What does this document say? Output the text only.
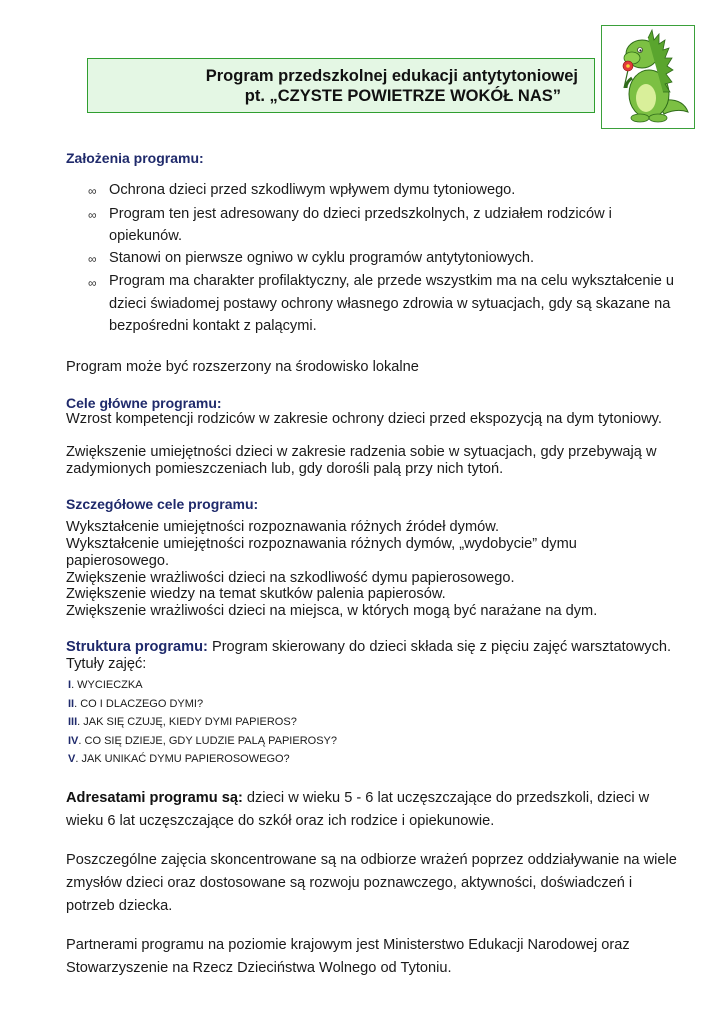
Program przedszkolnej edukacji antytytoniowej
pt. „CZYSTE POWIETRZE WOKÓŁ NAS”
Założenia programu:
∞ Ochrona dzieci przed szkodliwym wpływem dymu tytoniowego.
∞ Program ten jest adresowany do dzieci przedszkolnych, z udziałem rodziców i
opiekunów.
∞ Stanowi on pierwsze ogniwo w cyklu programów antytytoniowych.
∞ Program ma charakter profilaktyczny, ale przede wszystkim ma na celu wykształcenie u
dzieci świadomej postawy ochrony własnego zdrowia w sytuacjach, gdy są skazane na
bezpośredni kontakt z palącymi.
Program może być rozszerzony na środowisko lokalne
Cele główne programu:
Wzrost kompetencji rodziców w zakresie ochrony dzieci przed ekspozycją na dym tytoniowy.
Zwiększenie umiejętności dzieci w zakresie radzenia sobie w sytuacjach, gdy przebywają w
zadymionych pomieszczeniach lub, gdy dorośli palą przy nich tytoń.
Szczegółowe cele programu:
Wykształcenie umiejętności rozpoznawania różnych źródeł dymów.
Wykształcenie umiejętności rozpoznawania różnych dymów, „wydobycie” dymu
papierosowego.
Zwiększenie wrażliwości dzieci na szkodliwość dymu papierosowego.
Zwiększenie wiedzy na temat skutków palenia papierosów.
Zwiększenie wrażliwości dzieci na miejsca, w których mogą być narażane na dym.
Struktura programu: Program skierowany do dzieci składa się z pięciu zajęć warsztatowych.
Tytuły zajęć:
I. WYCIECZKA
II. CO I DLACZEGO DYMI?
III. JAK SIĘ CZUJĘ, KIEDY DYMI PAPIEROS?
IV. CO SIĘ DZIEJE, GDY LUDZIE PALĄ PAPIEROSY?
V. JAK UNIKAĆ DYMU PAPIEROSOWEGO?
Adresatami programu są: dzieci w wieku 5 - 6 lat uczęszczające do przedszkoli, dzieci w
wieku 6 lat uczęszczające do szkół oraz ich rodzice i opiekunowie.
Poszczególne zajęcia skoncentrowane są na odbiorze wrażeń poprzez oddziaływanie na wiele
zmysłów dzieci oraz dostosowane są rozwoju poznawczego, aktywności, doświadczeń i
potrzeb dziecka.
Partnerami programu na poziomie krajowym jest Ministerstwo Edukacji Narodowej oraz
Stowarzyszenie na Rzecz Dzieciństwa Wolnego od Tytoniu.
